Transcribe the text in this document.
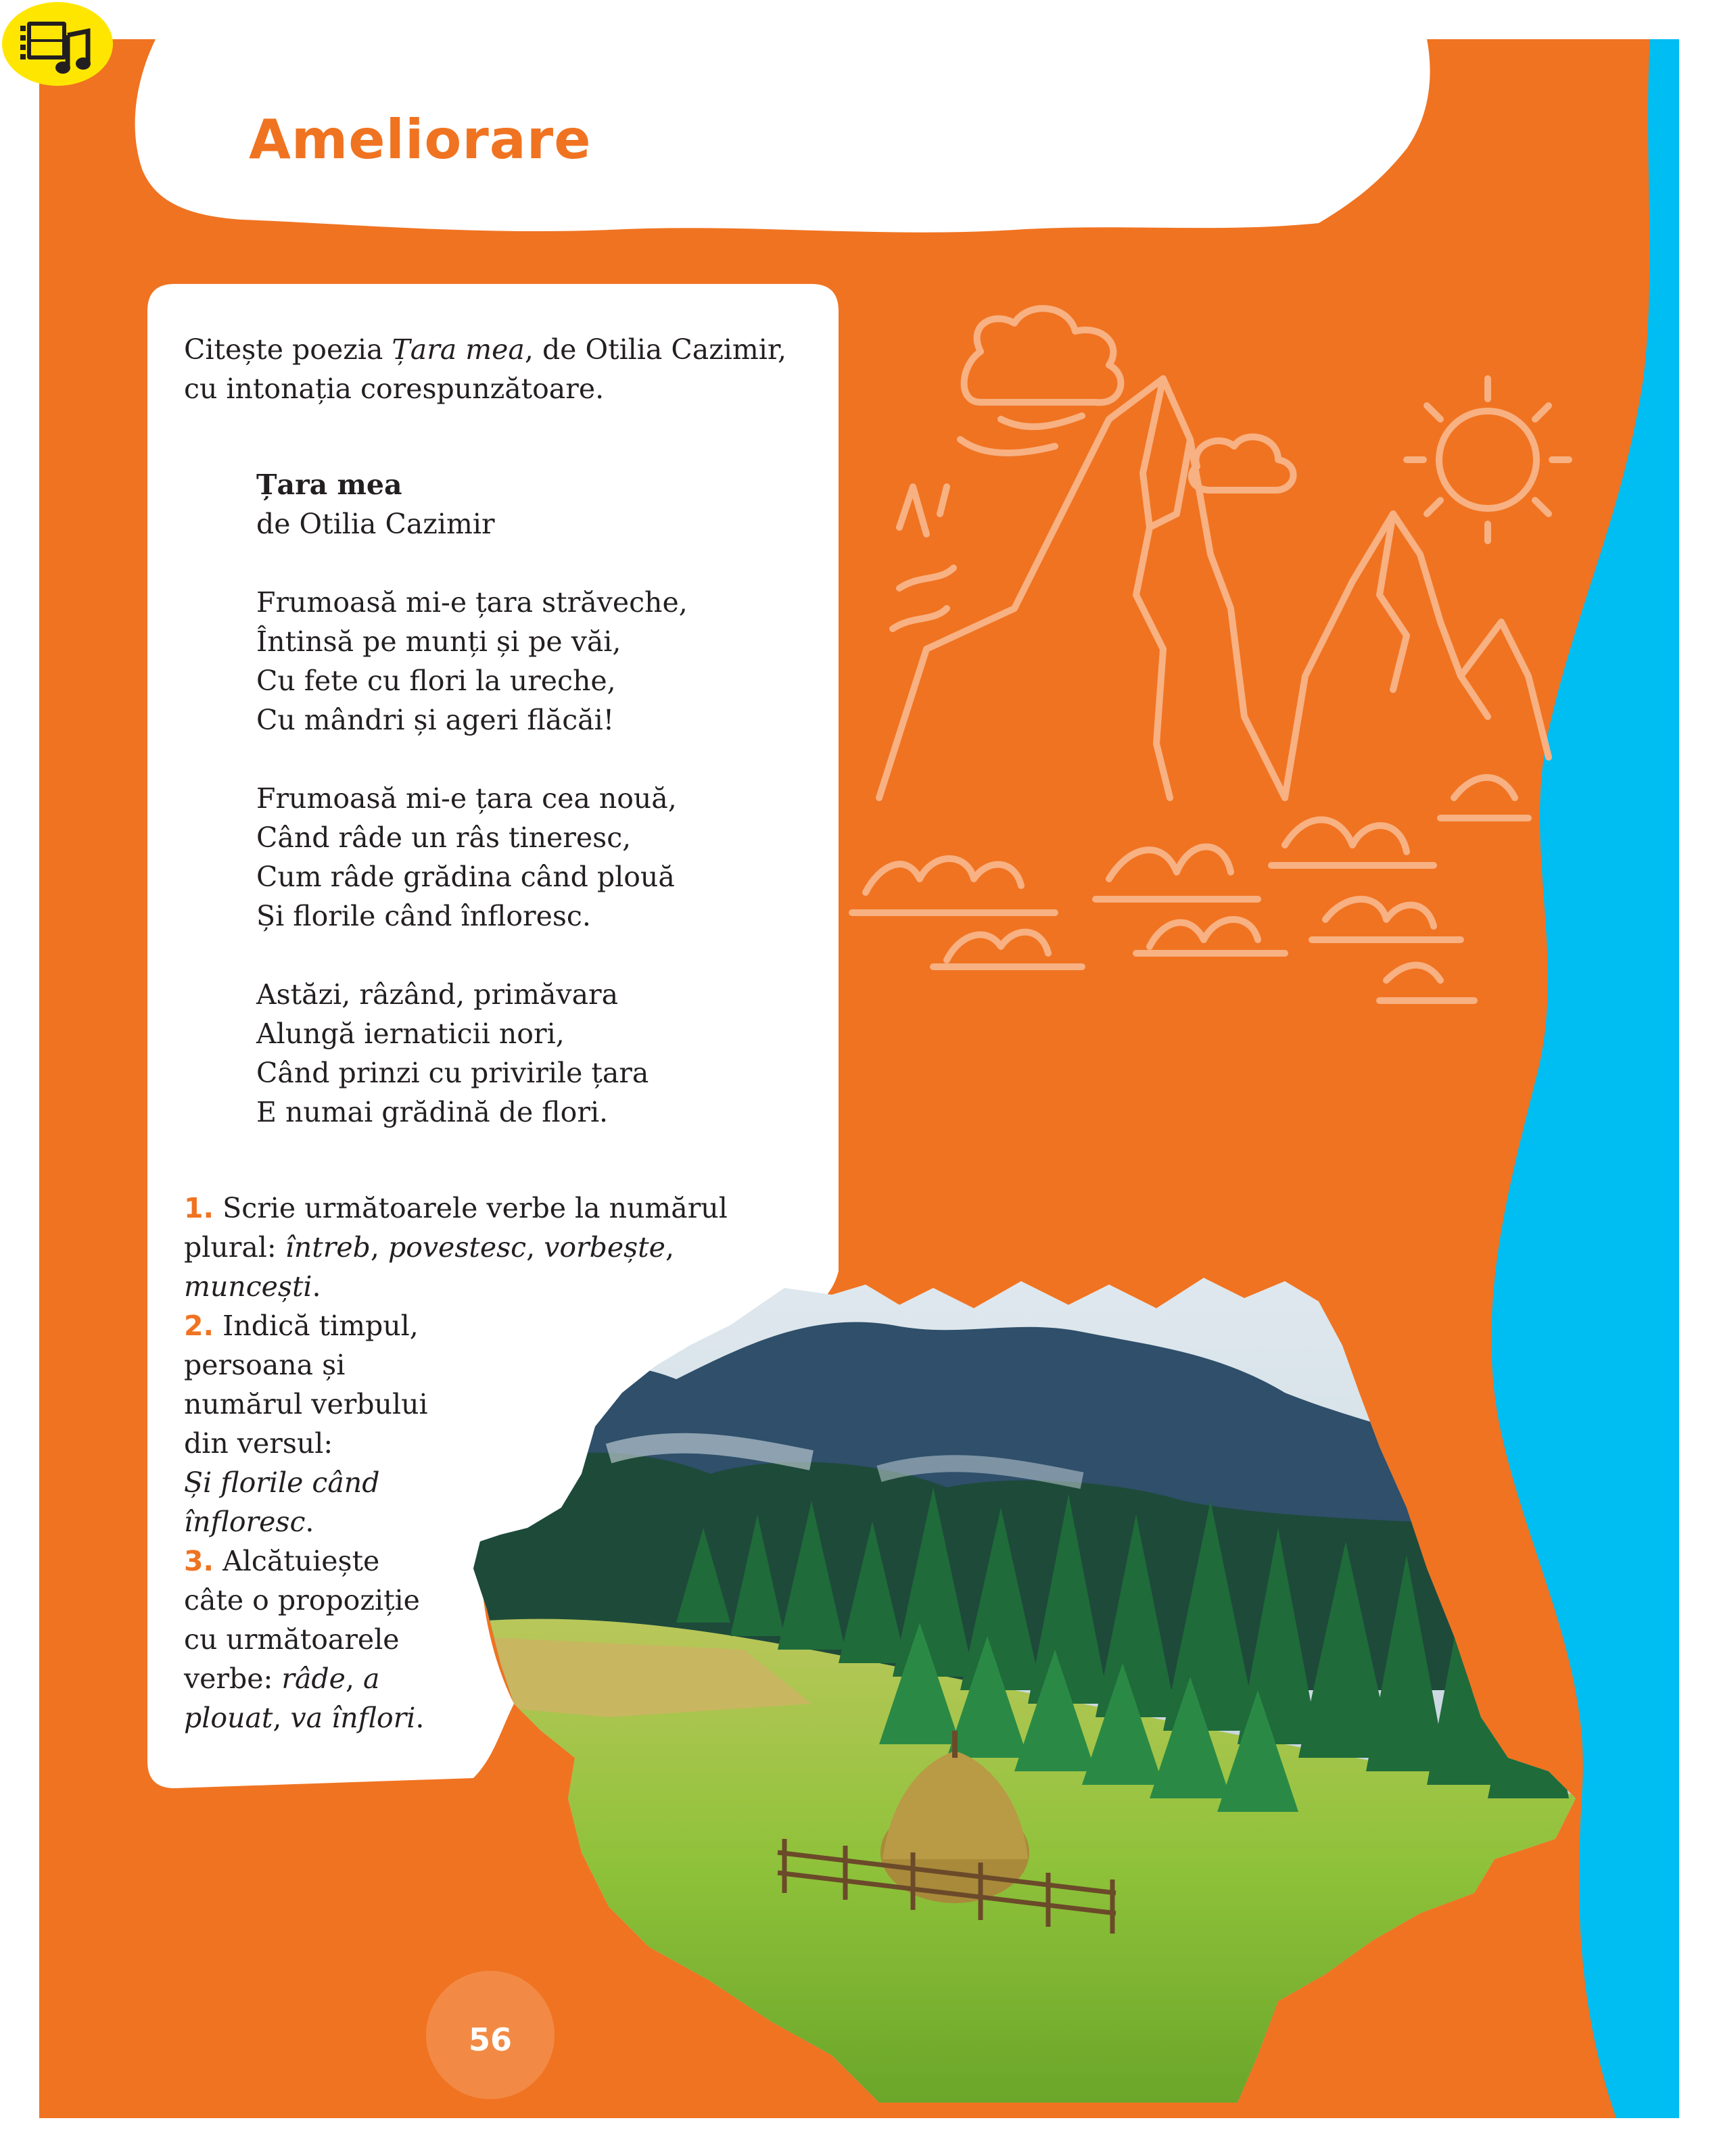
Ameliorare

Citește poezia Țara mea, de Otilia Cazimir,

cu intonația corespunzătoare.

Țara mea

de Otilia Cazimir

Frumoasă mi-e țara străveche,

Întinsă pe munți și pe văi,

Cu fete cu flori la ureche,

Cu mândri și ageri flăcăi!

Frumoasă mi-e țara cea nouă,

Când râde un râs tineresc,

Cum râde grădina când plouă

Și florile când înfloresc.

Astăzi, râzând, primăvara

Alungă iernaticii nori,

Când prinzi cu privirile țara

E numai grădină de flori.

1. Scrie următoarele verbe la numărul
plural: întreb, povestesc, vorbește,
muncești.

2. Indică timpul, persoana și numărul verbului din versul:
Și florile când înfloresc.

3. Alcătuiește câte o propoziție cu următoarele verbe: râde, a plouat, va înflori.

56
